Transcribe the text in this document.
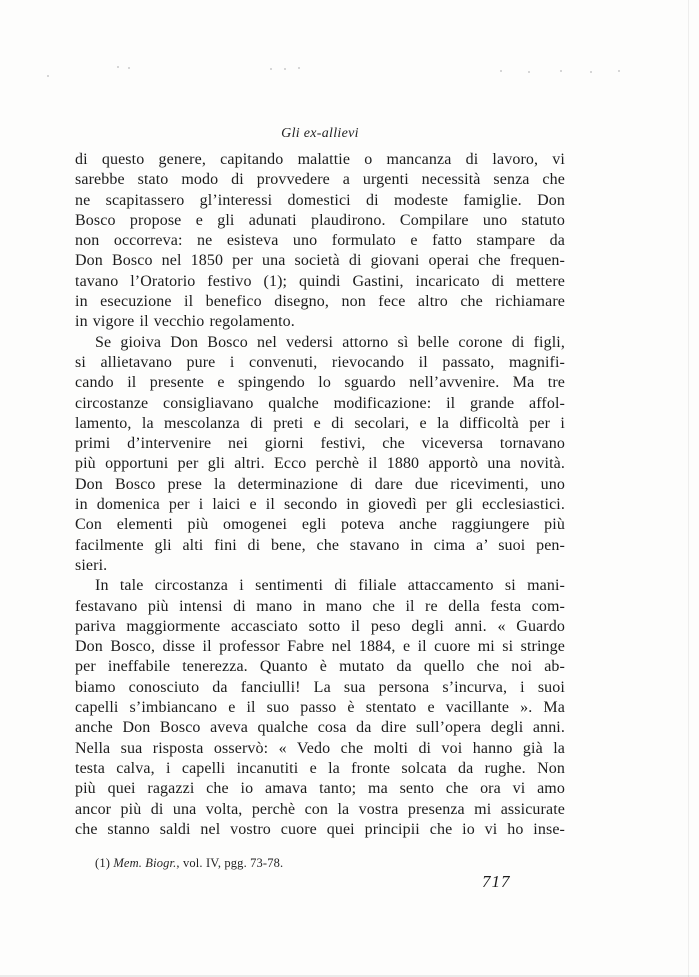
Gli ex-allievi
di questo genere, capitando malattie o mancanza di lavoro, vi
sarebbe stato modo di provvedere a urgenti necessità senza che
ne scapitassero gl’interessi domestici di modeste famiglie. Don
Bosco propose e gli adunati plaudirono. Compilare uno statuto
non occorreva: ne esisteva uno formulato e fatto stampare da
Don Bosco nel 1850 per una società di giovani operai che frequen-
tavano l’Oratorio festivo (1); quindi Gastini, incaricato di mettere
in esecuzione il benefico disegno, non fece altro che richiamare
in vigore il vecchio regolamento.
Se gioiva Don Bosco nel vedersi attorno sì belle corone di figli,
si allietavano pure i convenuti, rievocando il passato, magnifi-
cando il presente e spingendo lo sguardo nell’avvenire. Ma tre
circostanze consigliavano qualche modificazione: il grande affol-
lamento, la mescolanza di preti e di secolari, e la difficoltà per i
primi d’intervenire nei giorni festivi, che viceversa tornavano
più opportuni per gli altri. Ecco perchè il 1880 apportò una novità.
Don Bosco prese la determinazione di dare due ricevimenti, uno
in domenica per i laici e il secondo in giovedì per gli ecclesiastici.
Con elementi più omogenei egli poteva anche raggiungere più
facilmente gli alti fini di bene, che stavano in cima a’ suoi pen-
sieri.
In tale circostanza i sentimenti di filiale attaccamento si mani-
festavano più intensi di mano in mano che il re della festa com-
pariva maggiormente accasciato sotto il peso degli anni. « Guardo
Don Bosco, disse il professor Fabre nel 1884, e il cuore mi si stringe
per ineffabile tenerezza. Quanto è mutato da quello che noi ab-
biamo conosciuto da fanciulli! La sua persona s’incurva, i suoi
capelli s’imbiancano e il suo passo è stentato e vacillante ». Ma
anche Don Bosco aveva qualche cosa da dire sull’opera degli anni.
Nella sua risposta osservò: « Vedo che molti di voi hanno già la
testa calva, i capelli incanutiti e la fronte solcata da rughe. Non
più quei ragazzi che io amava tanto; ma sento che ora vi amo
ancor più di una volta, perchè con la vostra presenza mi assicurate
che stanno saldi nel vostro cuore quei principii che io vi ho inse-
(1) Mem. Biogr., vol. IV, pgg. 73-78.
717
